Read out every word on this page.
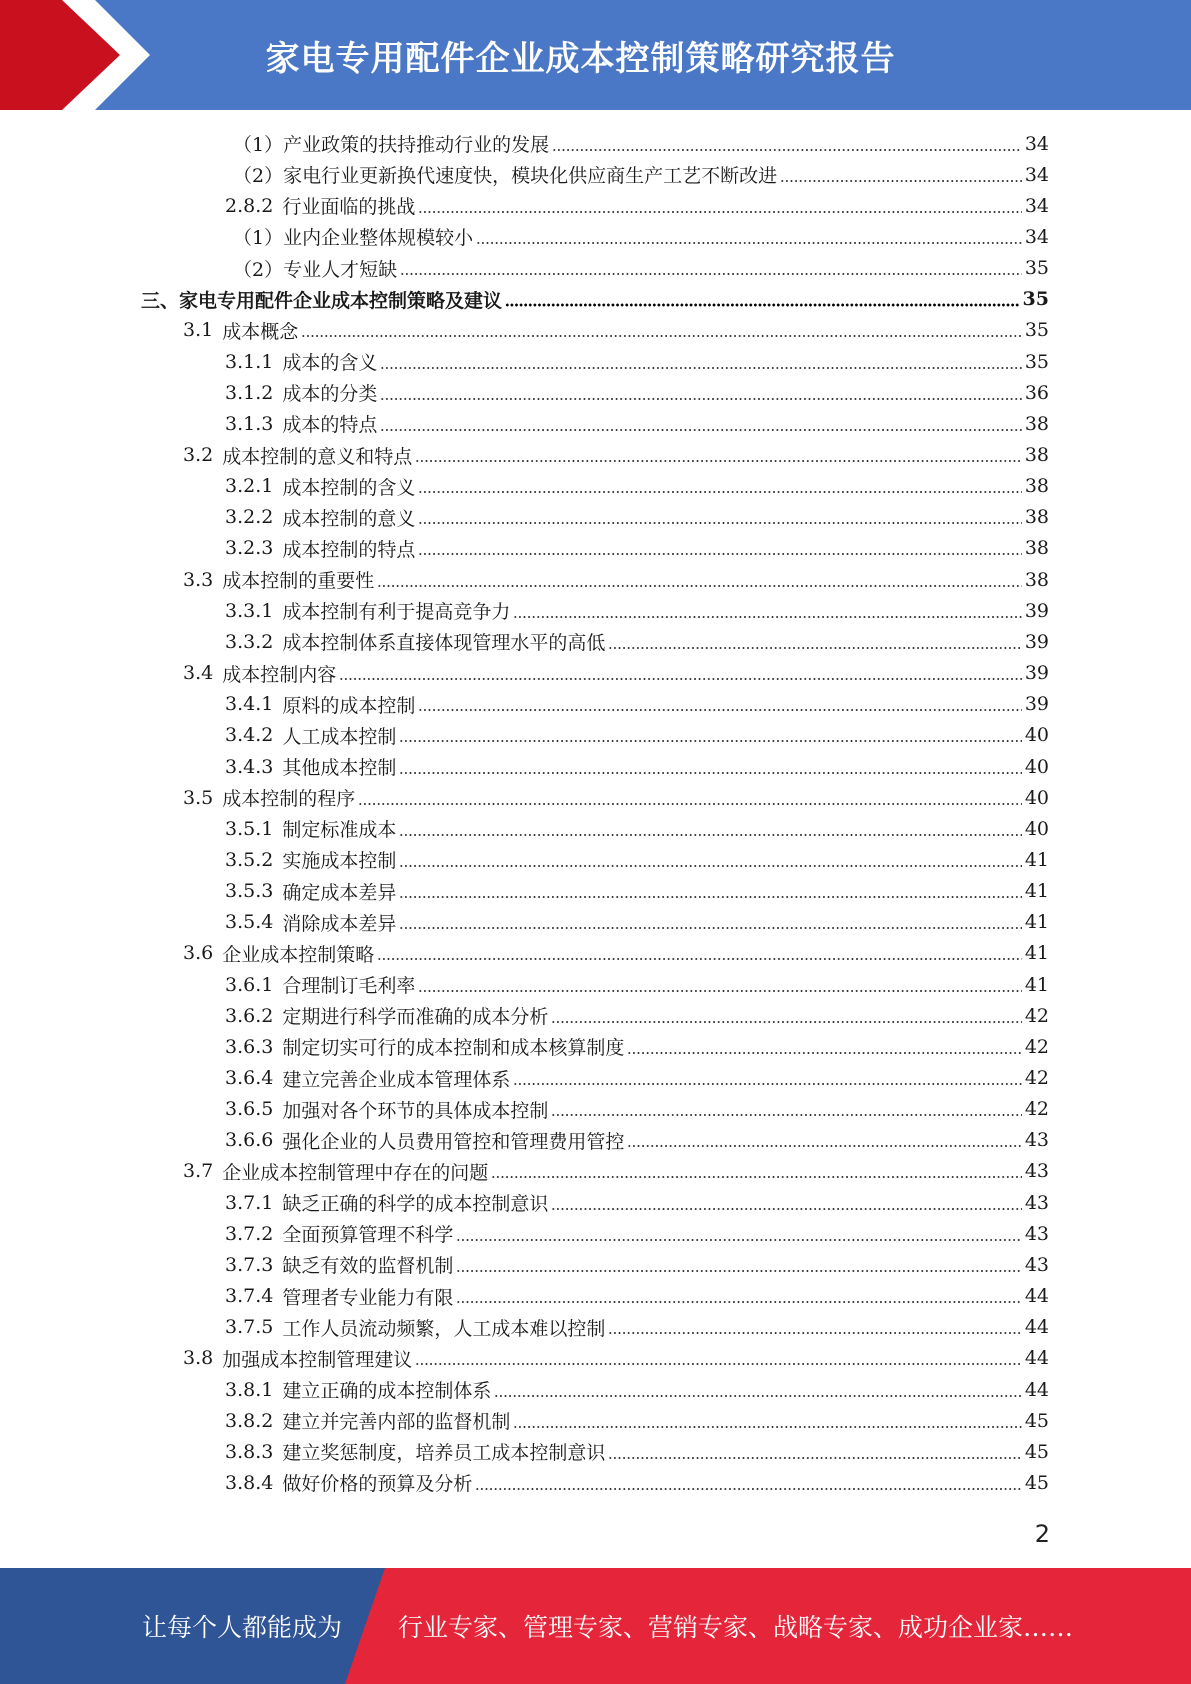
家电专用配件企业成本控制策略研究报告
（1） 产业政策的扶持推动行业的发展	34
（2） 家电行业更新换代速度快，模块化供应商生产工艺不断改进	34
2.8.2 行业面临的挑战	34
（1） 业内企业整体规模较小	34
（2） 专业人才短缺	35
三、家电专用配件企业成本控制策略及建议	35
3.1 成本概念	35
3.1.1 成本的含义	35
3.1.2 成本的分类	36
3.1.3 成本的特点	38
3.2 成本控制的意义和特点	38
3.2.1 成本控制的含义	38
3.2.2 成本控制的意义	38
3.2.3 成本控制的特点	38
3.3 成本控制的重要性	38
3.3.1 成本控制有利于提高竞争力	39
3.3.2 成本控制体系直接体现管理水平的高低	39
3.4 成本控制内容	39
3.4.1 原料的成本控制	39
3.4.2 人工成本控制	40
3.4.3 其他成本控制	40
3.5 成本控制的程序	40
3.5.1 制定标准成本	40
3.5.2 实施成本控制	41
3.5.3 确定成本差异	41
3.5.4 消除成本差异	41
3.6 企业成本控制策略	41
3.6.1 合理制订毛利率	41
3.6.2 定期进行科学而准确的成本分析	42
3.6.3 制定切实可行的成本控制和成本核算制度	42
3.6.4 建立完善企业成本管理体系	42
3.6.5 加强对各个环节的具体成本控制	42
3.6.6 强化企业的人员费用管控和管理费用管控	43
3.7 企业成本控制管理中存在的问题	43
3.7.1 缺乏正确的科学的成本控制意识	43
3.7.2 全面预算管理不科学	43
3.7.3 缺乏有效的监督机制	43
3.7.4 管理者专业能力有限	44
3.7.5 工作人员流动频繁，人工成本难以控制	44
3.8 加强成本控制管理建议	44
3.8.1 建立正确的成本控制体系	44
3.8.2 建立并完善内部的监督机制	45
3.8.3 建立奖惩制度，培养员工成本控制意识	45
3.8.4 做好价格的预算及分析	45
2
让每个人都能成为 行业专家、管理专家、营销专家、战略专家、成功企业家……
